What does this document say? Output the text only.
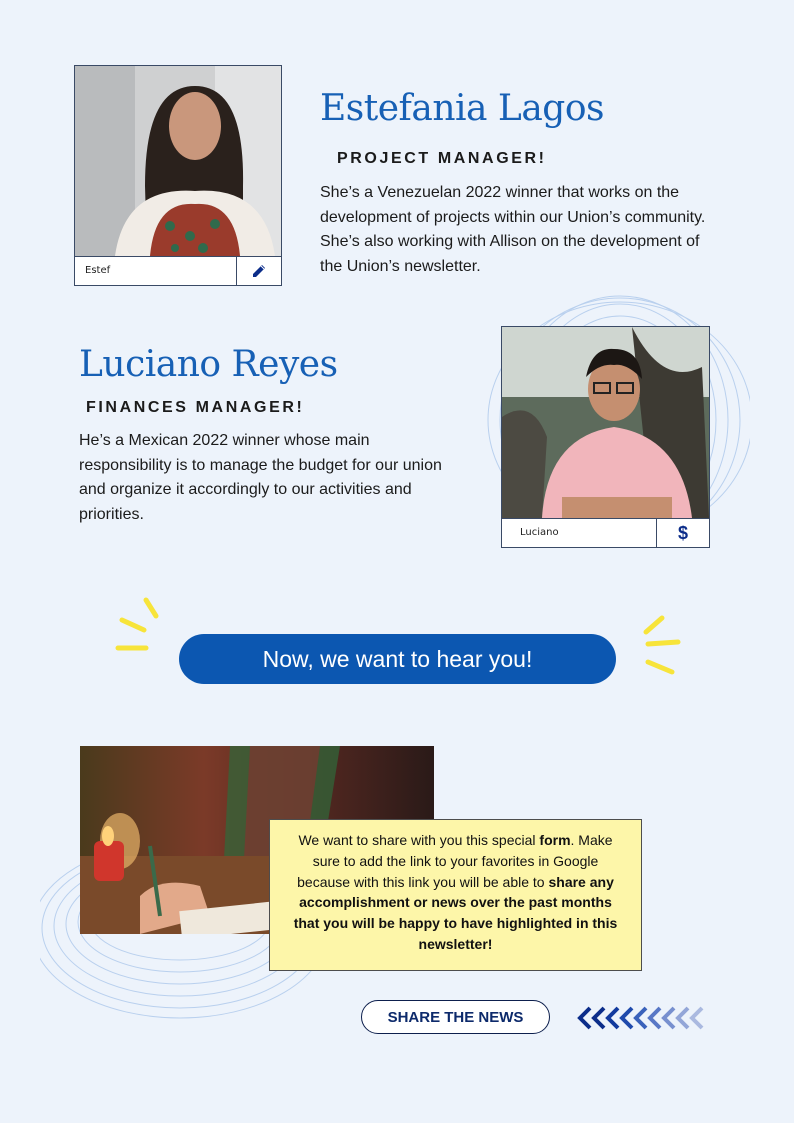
Estef
Estefania Lagos
PROJECT MANAGER!
She’s a Venezuelan 2022 winner that works on the development of projects within our Union’s community. She’s also working with Allison on the development of the Union’s newsletter.
Luciano Reyes
FINANCES MANAGER!
He’s a Mexican 2022 winner whose main responsibility is to manage the budget for our union and organize it accordingly to our activities and priorities.
Luciano	$
Now, we want to hear you!
We want to share with you this special form. Make sure to add the link to your favorites in Google because with this link you will be able to share any accomplishment or news over the past months that you will be happy to have highlighted in this newsletter!
SHARE THE NEWS
